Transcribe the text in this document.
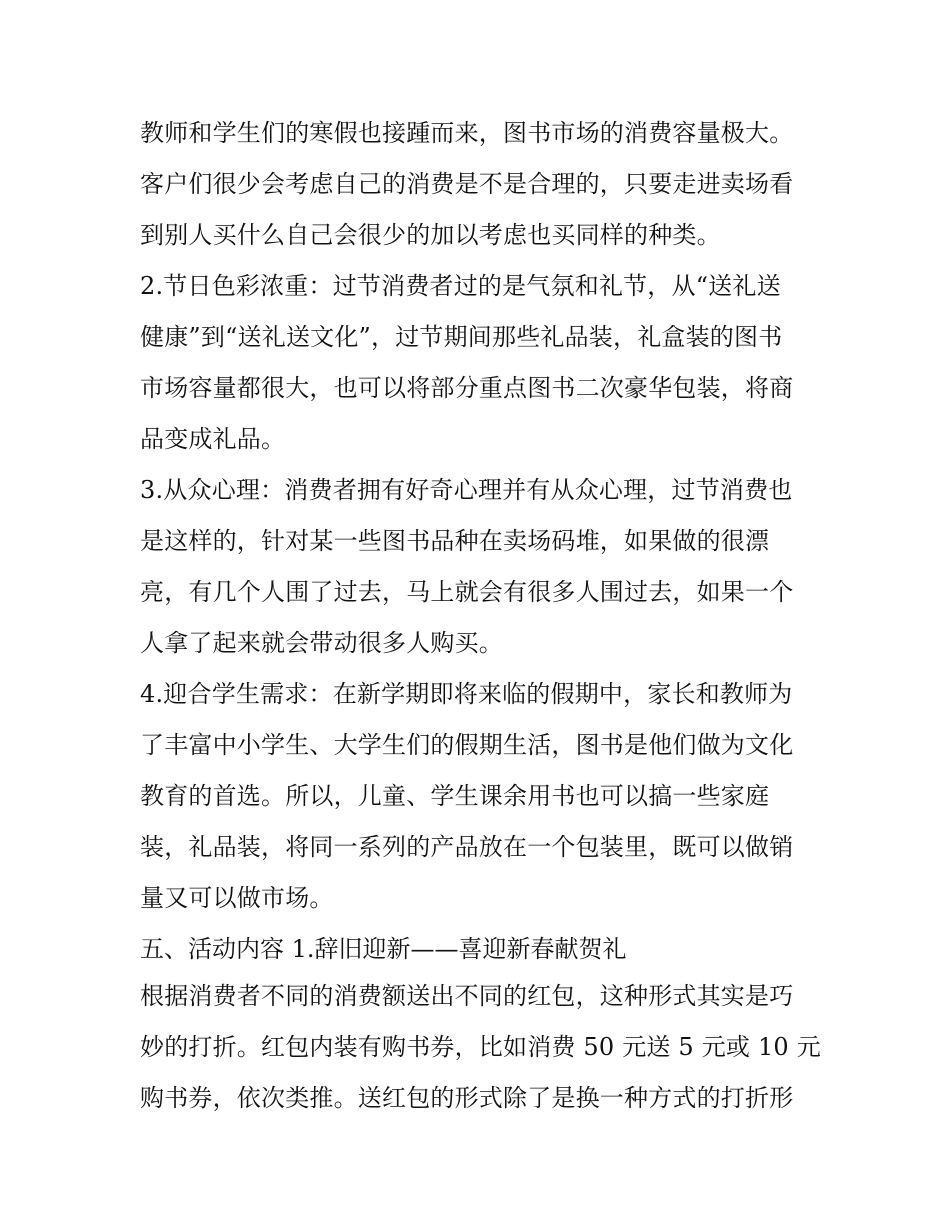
教师和学生们的寒假也接踵而来，图书市场的消费容量极大。
客户们很少会考虑自己的消费是不是合理的，只要走进卖场看
到别人买什么自己会很少的加以考虑也买同样的种类。
2.节日色彩浓重：过节消费者过的是气氛和礼节，从“送礼送
健康”到“送礼送文化”，过节期间那些礼品装，礼盒装的图书
市场容量都很大，也可以将部分重点图书二次豪华包装，将商
品变成礼品。
3.从众心理：消费者拥有好奇心理并有从众心理，过节消费也
是这样的，针对某一些图书品种在卖场码堆，如果做的很漂
亮，有几个人围了过去，马上就会有很多人围过去，如果一个
人拿了起来就会带动很多人购买。
4.迎合学生需求：在新学期即将来临的假期中，家长和教师为
了丰富中小学生、大学生们的假期生活，图书是他们做为文化
教育的首选。所以，儿童、学生课余用书也可以搞一些家庭
装，礼品装，将同一系列的产品放在一个包装里，既可以做销
量又可以做市场。
五、活动内容 1.辞旧迎新——喜迎新春献贺礼
根据消费者不同的消费额送出不同的红包，这种形式其实是巧
妙的打折。红包内装有购书券，比如消费 50 元送 5 元或 10 元
购书券，依次类推。送红包的形式除了是换一种方式的打折形
